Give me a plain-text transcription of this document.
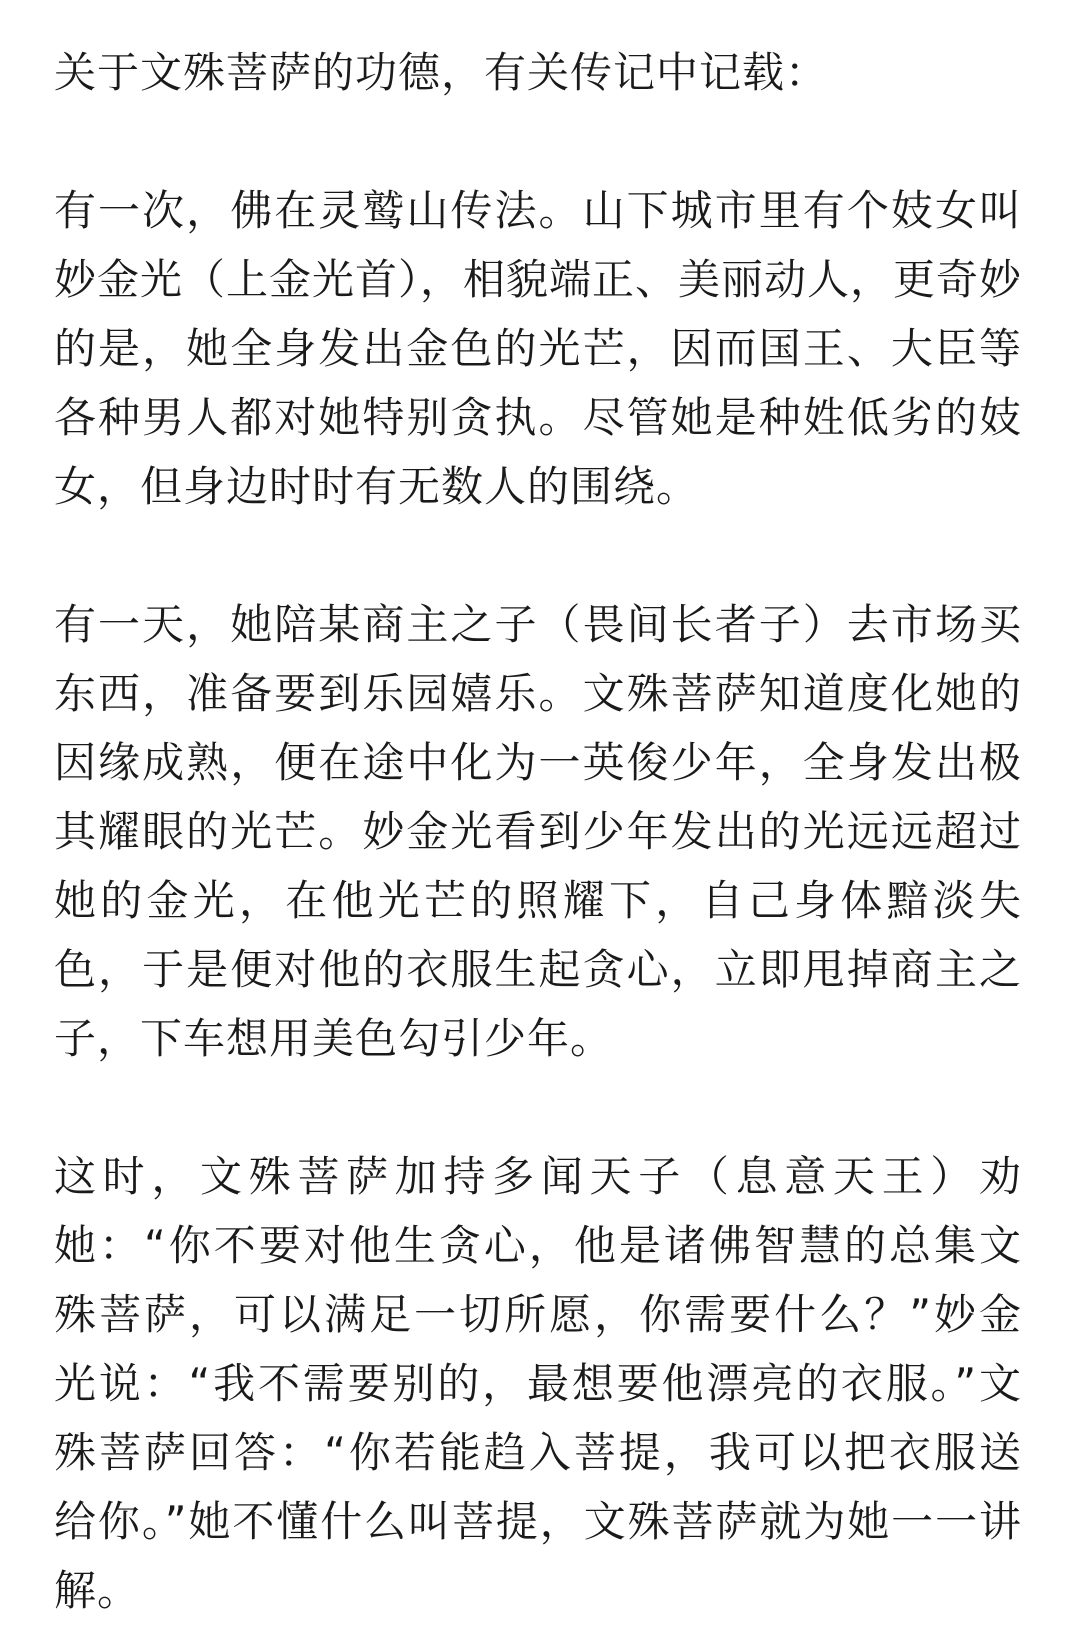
关于文殊菩萨的功德，有关传记中记载：

有一次，佛在灵鹫山传法。山下城市里有个妓女叫妙金光（上金光首），相貌端正、美丽动人，更奇妙的是，她全身发出金色的光芒，因而国王、大臣等各种男人都对她特别贪执。尽管她是种姓低劣的妓女，但身边时时有无数人的围绕。

有一天，她陪某商主之子（畏间长者子）去市场买东西，准备要到乐园嬉乐。文殊菩萨知道度化她的因缘成熟，便在途中化为一英俊少年，全身发出极其耀眼的光芒。妙金光看到少年发出的光远远超过她的金光，在他光芒的照耀下，自己身体黯淡失色，于是便对他的衣服生起贪心，立即甩掉商主之子，下车想用美色勾引少年。

这时，文殊菩萨加持多闻天子（息意天王）劝她：“你不要对他生贪心，他是诸佛智慧的总集文殊菩萨，可以满足一切所愿，你需要什么？”妙金光说：“我不需要别的，最想要他漂亮的衣服。”文殊菩萨回答：“你若能趋入菩提，我可以把衣服送给你。”她不懂什么叫菩提，文殊菩萨就为她一一讲解。
